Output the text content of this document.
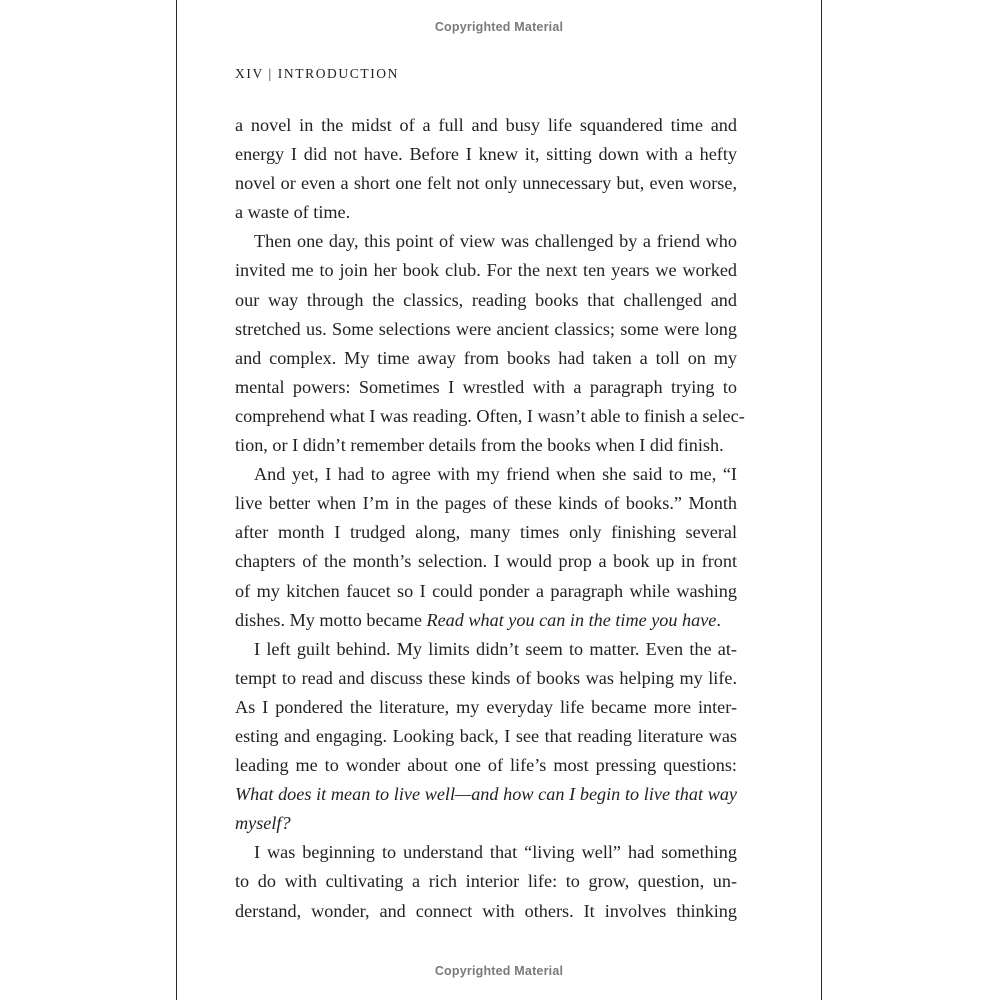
Copyrighted Material
XIV | INTRODUCTION
a novel in the midst of a full and busy life squandered time and
energy I did not have. Before I knew it, sitting down with a hefty
novel or even a short one felt not only unnecessary but, even worse,
a waste of time.
Then one day, this point of view was challenged by a friend who
invited me to join her book club. For the next ten years we worked
our way through the classics, reading books that challenged and
stretched us. Some selections were ancient classics; some were long
and complex. My time away from books had taken a toll on my
mental powers: Sometimes I wrestled with a paragraph trying to
comprehend what I was reading. Often, I wasn’t able to finish a selec-
tion, or I didn’t remember details from the books when I did finish.
And yet, I had to agree with my friend when she said to me, “I
live better when I’m in the pages of these kinds of books.” Month
after month I trudged along, many times only finishing several
chapters of the month’s selection. I would prop a book up in front
of my kitchen faucet so I could ponder a paragraph while washing
dishes. My motto became Read what you can in the time you have.
I left guilt behind. My limits didn’t seem to matter. Even the at-
tempt to read and discuss these kinds of books was helping my life.
As I pondered the literature, my everyday life became more inter-
esting and engaging. Looking back, I see that reading literature was
leading me to wonder about one of life’s most pressing questions:
What does it mean to live well—and how can I begin to live that way
myself?
I was beginning to understand that “living well” had something
to do with cultivating a rich interior life: to grow, question, un-
derstand, wonder, and connect with others. It involves thinking
Copyrighted Material
